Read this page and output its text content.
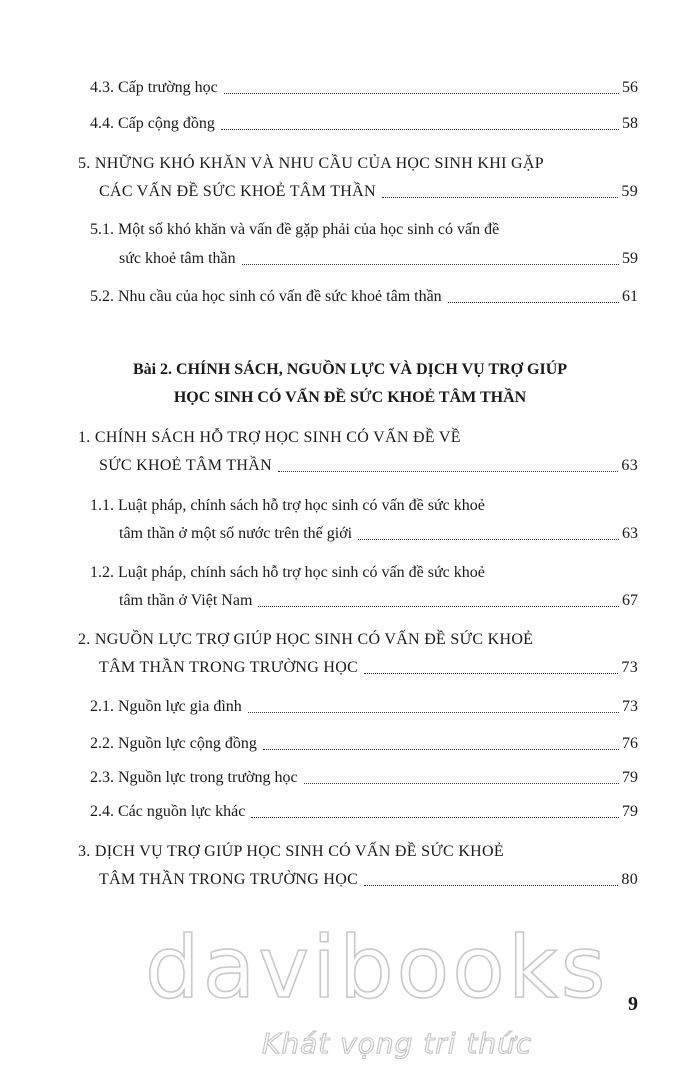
4.3. Cấp trường học	56
4.4. Cấp cộng đồng	58
5. NHỮNG KHÓ KHĂN VÀ NHU CẦU CỦA HỌC SINH KHI GẶP
CÁC VẤN ĐỀ SỨC KHOẺ TÂM THẦN	59
5.1. Một số khó khăn và vấn đề gặp phải của học sinh có vấn đề
sức khoẻ tâm thần	59
5.2. Nhu cầu của học sinh có vấn đề sức khoẻ tâm thần	61
Bài 2. CHÍNH SÁCH, NGUỒN LỰC VÀ DỊCH VỤ TRỢ GIÚP
HỌC SINH CÓ VẤN ĐỀ SỨC KHOẺ TÂM THẦN
1. CHÍNH SÁCH HỖ TRỢ HỌC SINH CÓ VẤN ĐỀ VỀ
SỨC KHOẺ TÂM THẦN	63
1.1. Luật pháp, chính sách hỗ trợ học sinh có vấn đề sức khoẻ
tâm thần ở một số nước trên thế giới	63
1.2. Luật pháp, chính sách hỗ trợ học sinh có vấn đề sức khoẻ
tâm thần ở Việt Nam	67
2. NGUỒN LỰC TRỢ GIÚP HỌC SINH CÓ VẤN ĐỀ SỨC KHOẺ
TÂM THẦN TRONG TRƯỜNG HỌC	73
2.1. Nguồn lực gia đình	73
2.2. Nguồn lực cộng đồng	76
2.3. Nguồn lực trong trường học	79
2.4. Các nguồn lực khác	79
3. DỊCH VỤ TRỢ GIÚP HỌC SINH CÓ VẤN ĐỀ SỨC KHOẺ
TÂM THẦN TRONG TRƯỜNG HỌC	80
davibooks
Khát vọng tri thức
9
